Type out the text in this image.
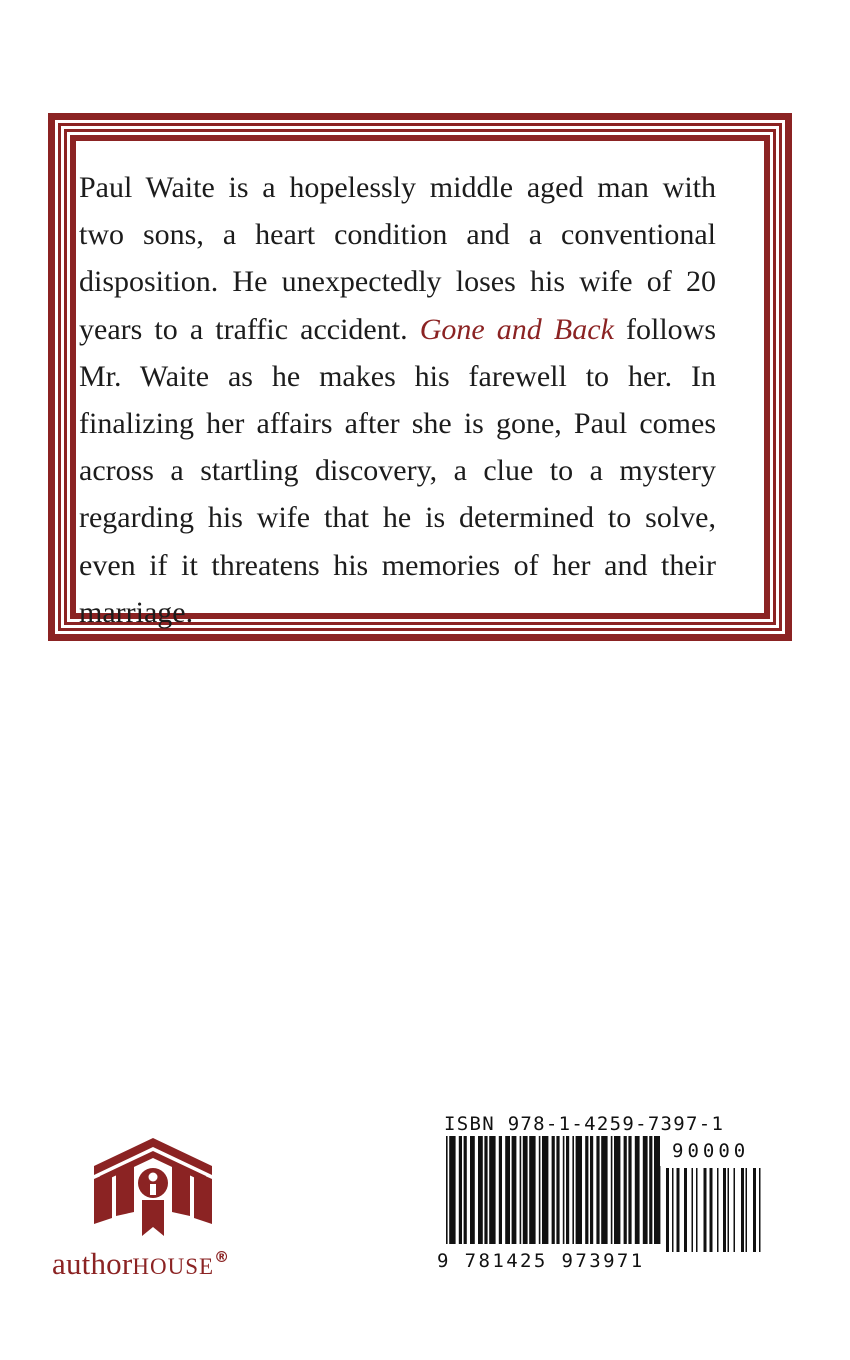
Paul Waite is a hopelessly middle aged man with two sons, a heart condition and a conventional disposition. He unexpectedly loses his wife of 20 years to a traffic accident. Gone and Back follows Mr. Waite as he makes his farewell to her. In finalizing her affairs after she is gone, Paul comes across a startling discovery, a clue to a mystery regarding his wife that he is determined to solve, even if it threatens his memories of her and their marriage.

authorHOUSE®
ISBN 978-1-4259-7397-1
90000
9 781425 973971
